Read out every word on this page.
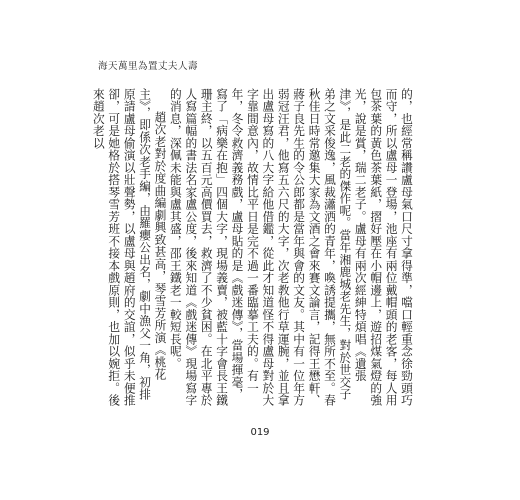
海天萬里為置丈夫人壽

的，也經常稱讚盧母氣口尺寸拿得準，噹口輕重念徐勁頭巧而守，所以盧母一登場，池座有兩位戴帽頭的老客，每人用包茶葉的黃色茶葉紙，摺好壓在小帽邊上，遊招煤氣燈的強光，說是賞，瑞二老子。盧母有兩次經紳特煩唱《遺張津》，是此二老的傑作呢。當年湘鹿城老先生，對於世交子弟之文采俊逸，風裁瀟洒的青年，喚誘提攜，無所不至。春秋佳日時常邀集大家為文酒之會來賽文論言，記得王懋軒、蔣子良先生的令公郎都是當年與會的文友。其中有一位年方弱冠汪君，他寫五六尺的大字，次老教他行草運腕，並且拿出盧母寫的八大字給他借鑑，從此才知道怪不得盧母對於大字靠間意內，故情比平日是完不過一番臨摹工夫的。有一年，冬令救濟義務戲，盧母貼的是《戲迷傳》，當場揮毫，寫了「病樂在抱」四個大字，現場義賣，被藍十字會長王鐵珊主終，以五百元高價買去，救濟了不少貧困。在北平專於人寫篇幅的書法名家盧公度，後來知道《戲迷傳》現場寫字的消息，深佩未能與盧其盛，邵王鐵老一較短長呢。

趙次老對於度曲編劇興致甚高，琴雪芳所演《桃花主》，即係次老手編，由羅癭公出名，劇中漁父一角，初排原請盧母偷演以壯聲勢，以盧母與趙府的交誼，似乎未便推卻，可是她格於搭琴雪芳班不接本戲原則，也加以婉拒。後來趙次老以

019
